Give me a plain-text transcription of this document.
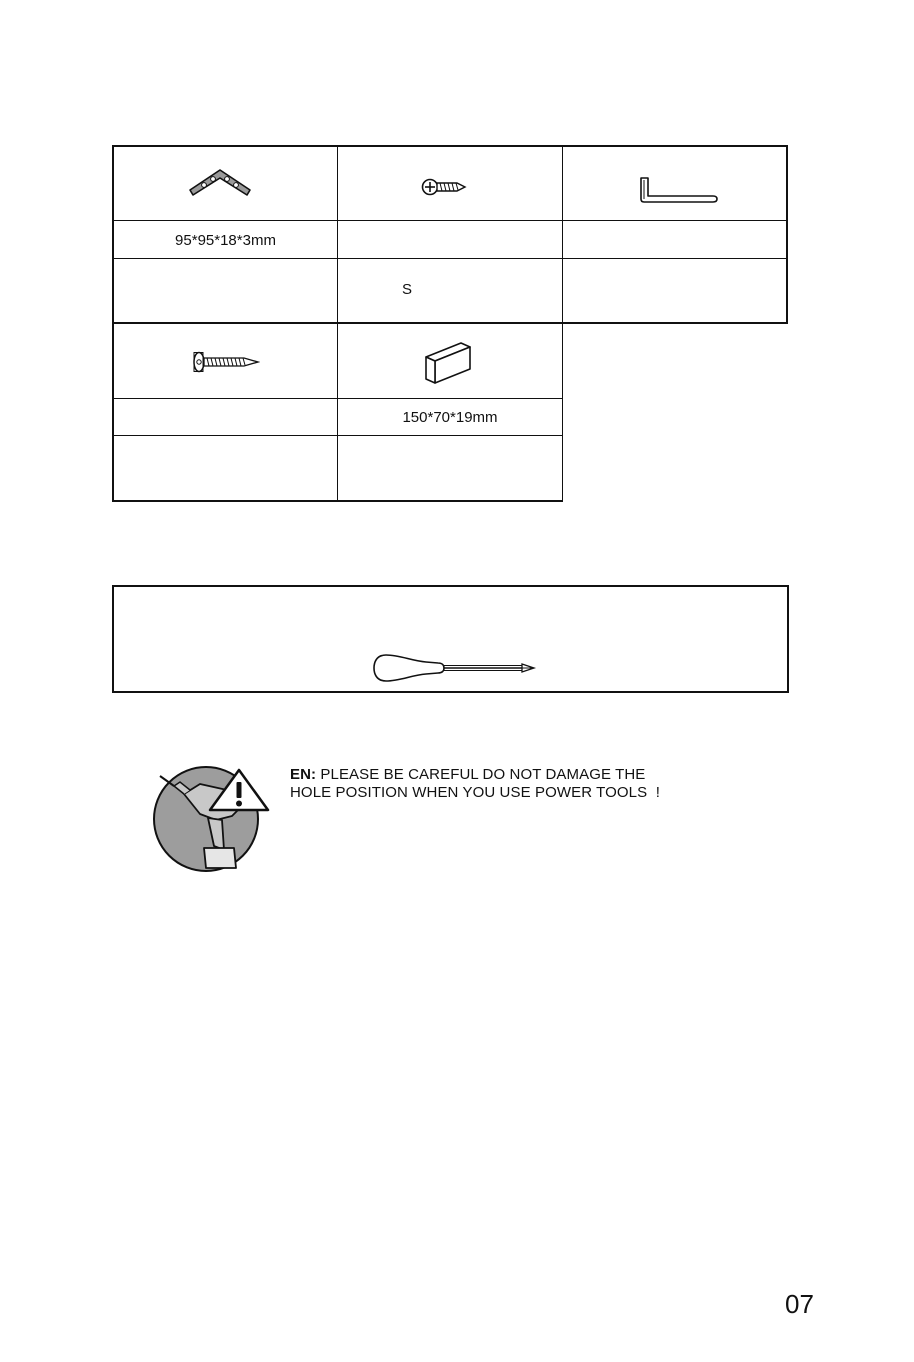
95*95*18*3mm
S
150*70*19mm
EN: PLEASE BE CAREFUL DO NOT DAMAGE THE
HOLE POSITION WHEN YOU USE POWER TOOLS  !
07
